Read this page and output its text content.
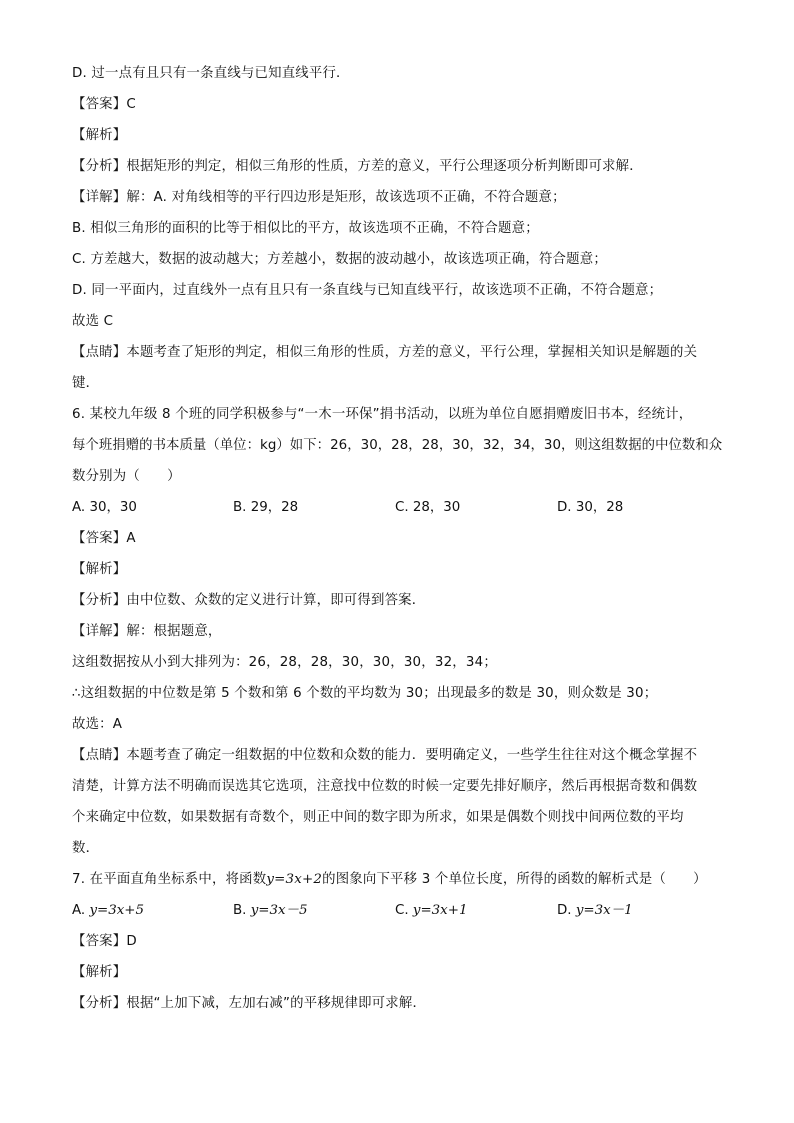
D. 过一点有且只有一条直线与已知直线平行．
【答案】C
【解析】
【分析】根据矩形的判定，相似三角形的性质，方差的意义，平行公理逐项分析判断即可求解．
【详解】解：A. 对角线相等的平行四边形是矩形，故该选项不正确，不符合题意；
B. 相似三角形的面积的比等于相似比的平方，故该选项不正确，不符合题意；
C. 方差越大，数据的波动越大；方差越小，数据的波动越小，故该选项正确，符合题意；
D. 同一平面内，过直线外一点有且只有一条直线与已知直线平行，故该选项不正确，不符合题意；
故选 C
【点睛】本题考查了矩形的判定，相似三角形的性质，方差的意义，平行公理，掌握相关知识是解题的关
键．
6. 某校九年级 8 个班的同学积极参与“一木一环保”捐书活动，以班为单位自愿捐赠废旧书本，经统计，
每个班捐赠的书本质量（单位：kg）如下：26，30，28，28，30，32，34，30，则这组数据的中位数和众
数分别为（　　）
A. 30，30	B. 29，28	C. 28，30	D. 30，28
【答案】A
【解析】
【分析】由中位数、众数的定义进行计算，即可得到答案．
【详解】解：根据题意，
这组数据按从小到大排列为：26，28，28，30，30，30，32，34；
∴这组数据的中位数是第 5 个数和第 6 个数的平均数为 30；出现最多的数是 30，则众数是 30；
故选：A
【点睛】本题考查了确定一组数据的中位数和众数的能力．要明确定义，一些学生往往对这个概念掌握不
清楚，计算方法不明确而误选其它选项，注意找中位数的时候一定要先排好顺序，然后再根据奇数和偶数
个来确定中位数，如果数据有奇数个，则正中间的数字即为所求，如果是偶数个则找中间两位数的平均
数．
7. 在平面直角坐标系中，将函数y=3x+2的图象向下平移 3 个单位长度，所得的函数的解析式是（　　）
A. y=3x+5	B. y=3x－5	C. y=3x+1	D. y=3x－1
【答案】D
【解析】
【分析】根据“上加下减，左加右减”的平移规律即可求解．
